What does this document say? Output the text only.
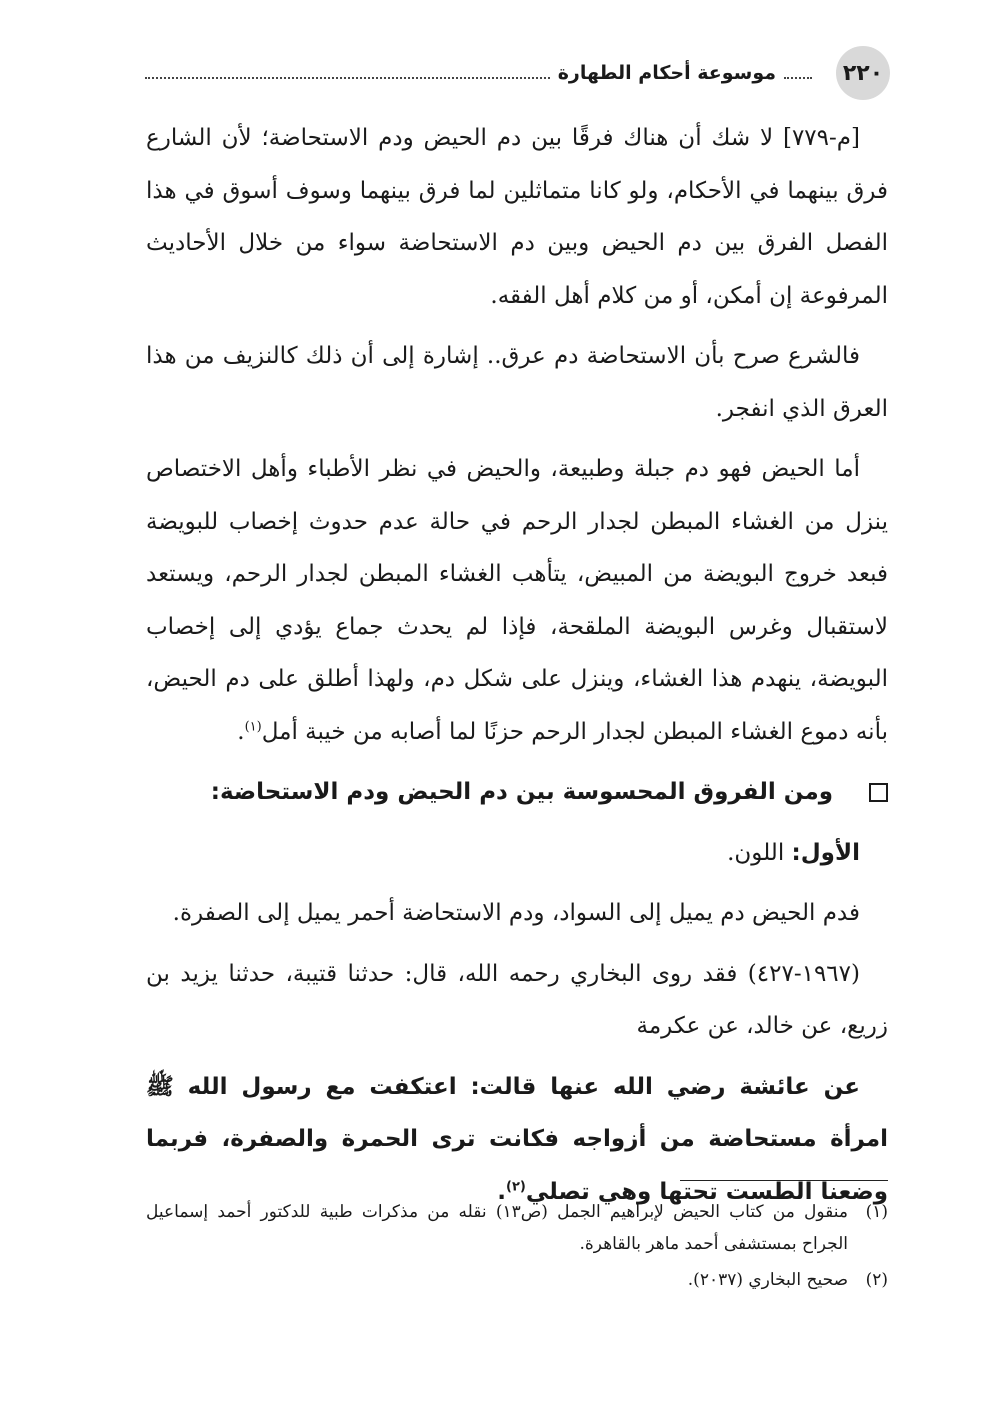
٢٢٠
موسوعة أحكام الطهارة

[م-٧٧٩] لا شك أن هناك فرقًا بين دم الحيض ودم الاستحاضة؛ لأن الشارع فرق بينهما في الأحكام، ولو كانا متماثلين لما فرق بينهما وسوف أسوق في هذا الفصل الفرق بين دم الحيض وبين دم الاستحاضة سواء من خلال الأحاديث المرفوعة إن أمكن، أو من كلام أهل الفقه.

فالشرع صرح بأن الاستحاضة دم عرق.. إشارة إلى أن ذلك كالنزيف من هذا العرق الذي انفجر.

أما الحيض فهو دم جبلة وطبيعة، والحيض في نظر الأطباء وأهل الاختصاص ينزل من الغشاء المبطن لجدار الرحم في حالة عدم حدوث إخصاب للبويضة فبعد خروج البويضة من المبيض، يتأهب الغشاء المبطن لجدار الرحم، ويستعد لاستقبال وغرس البويضة الملقحة، فإذا لم يحدث جماع يؤدي إلى إخصاب البويضة، ينهدم هذا الغشاء، وينزل على شكل دم، ولهذا أطلق على دم الحيض، بأنه دموع الغشاء المبطن لجدار الرحم حزنًا لما أصابه من خيبة أمل$^{(١)}$.

ومن الفروق المحسوسة بين دم الحيض ودم الاستحاضة:

الأول: اللون.

فدم الحيض دم يميل إلى السواد، ودم الاستحاضة أحمر يميل إلى الصفرة.

(١٩٦٧-٤٢٧) فقد روى البخاري رحمه الله، قال: حدثنا قتيبة، حدثنا يزيد بن زريع، عن خالد، عن عكرمة

عن عائشة رضي الله عنها قالت: اعتكفت مع رسول الله ﷺ امرأة مستحاضة من أزواجه فكانت ترى الحمرة والصفرة، فربما وضعنا الطست تحتها وهي تصلي$^{(٢)}$.

(١)
منقول من كتاب الحيض لإبراهيم الجمل (ص١٣) نقله من مذكرات طبية للدكتور أحمد إسماعيل الجراح بمستشفى أحمد ماهر بالقاهرة.
(٢)
صحيح البخاري (٢٠٣٧).
